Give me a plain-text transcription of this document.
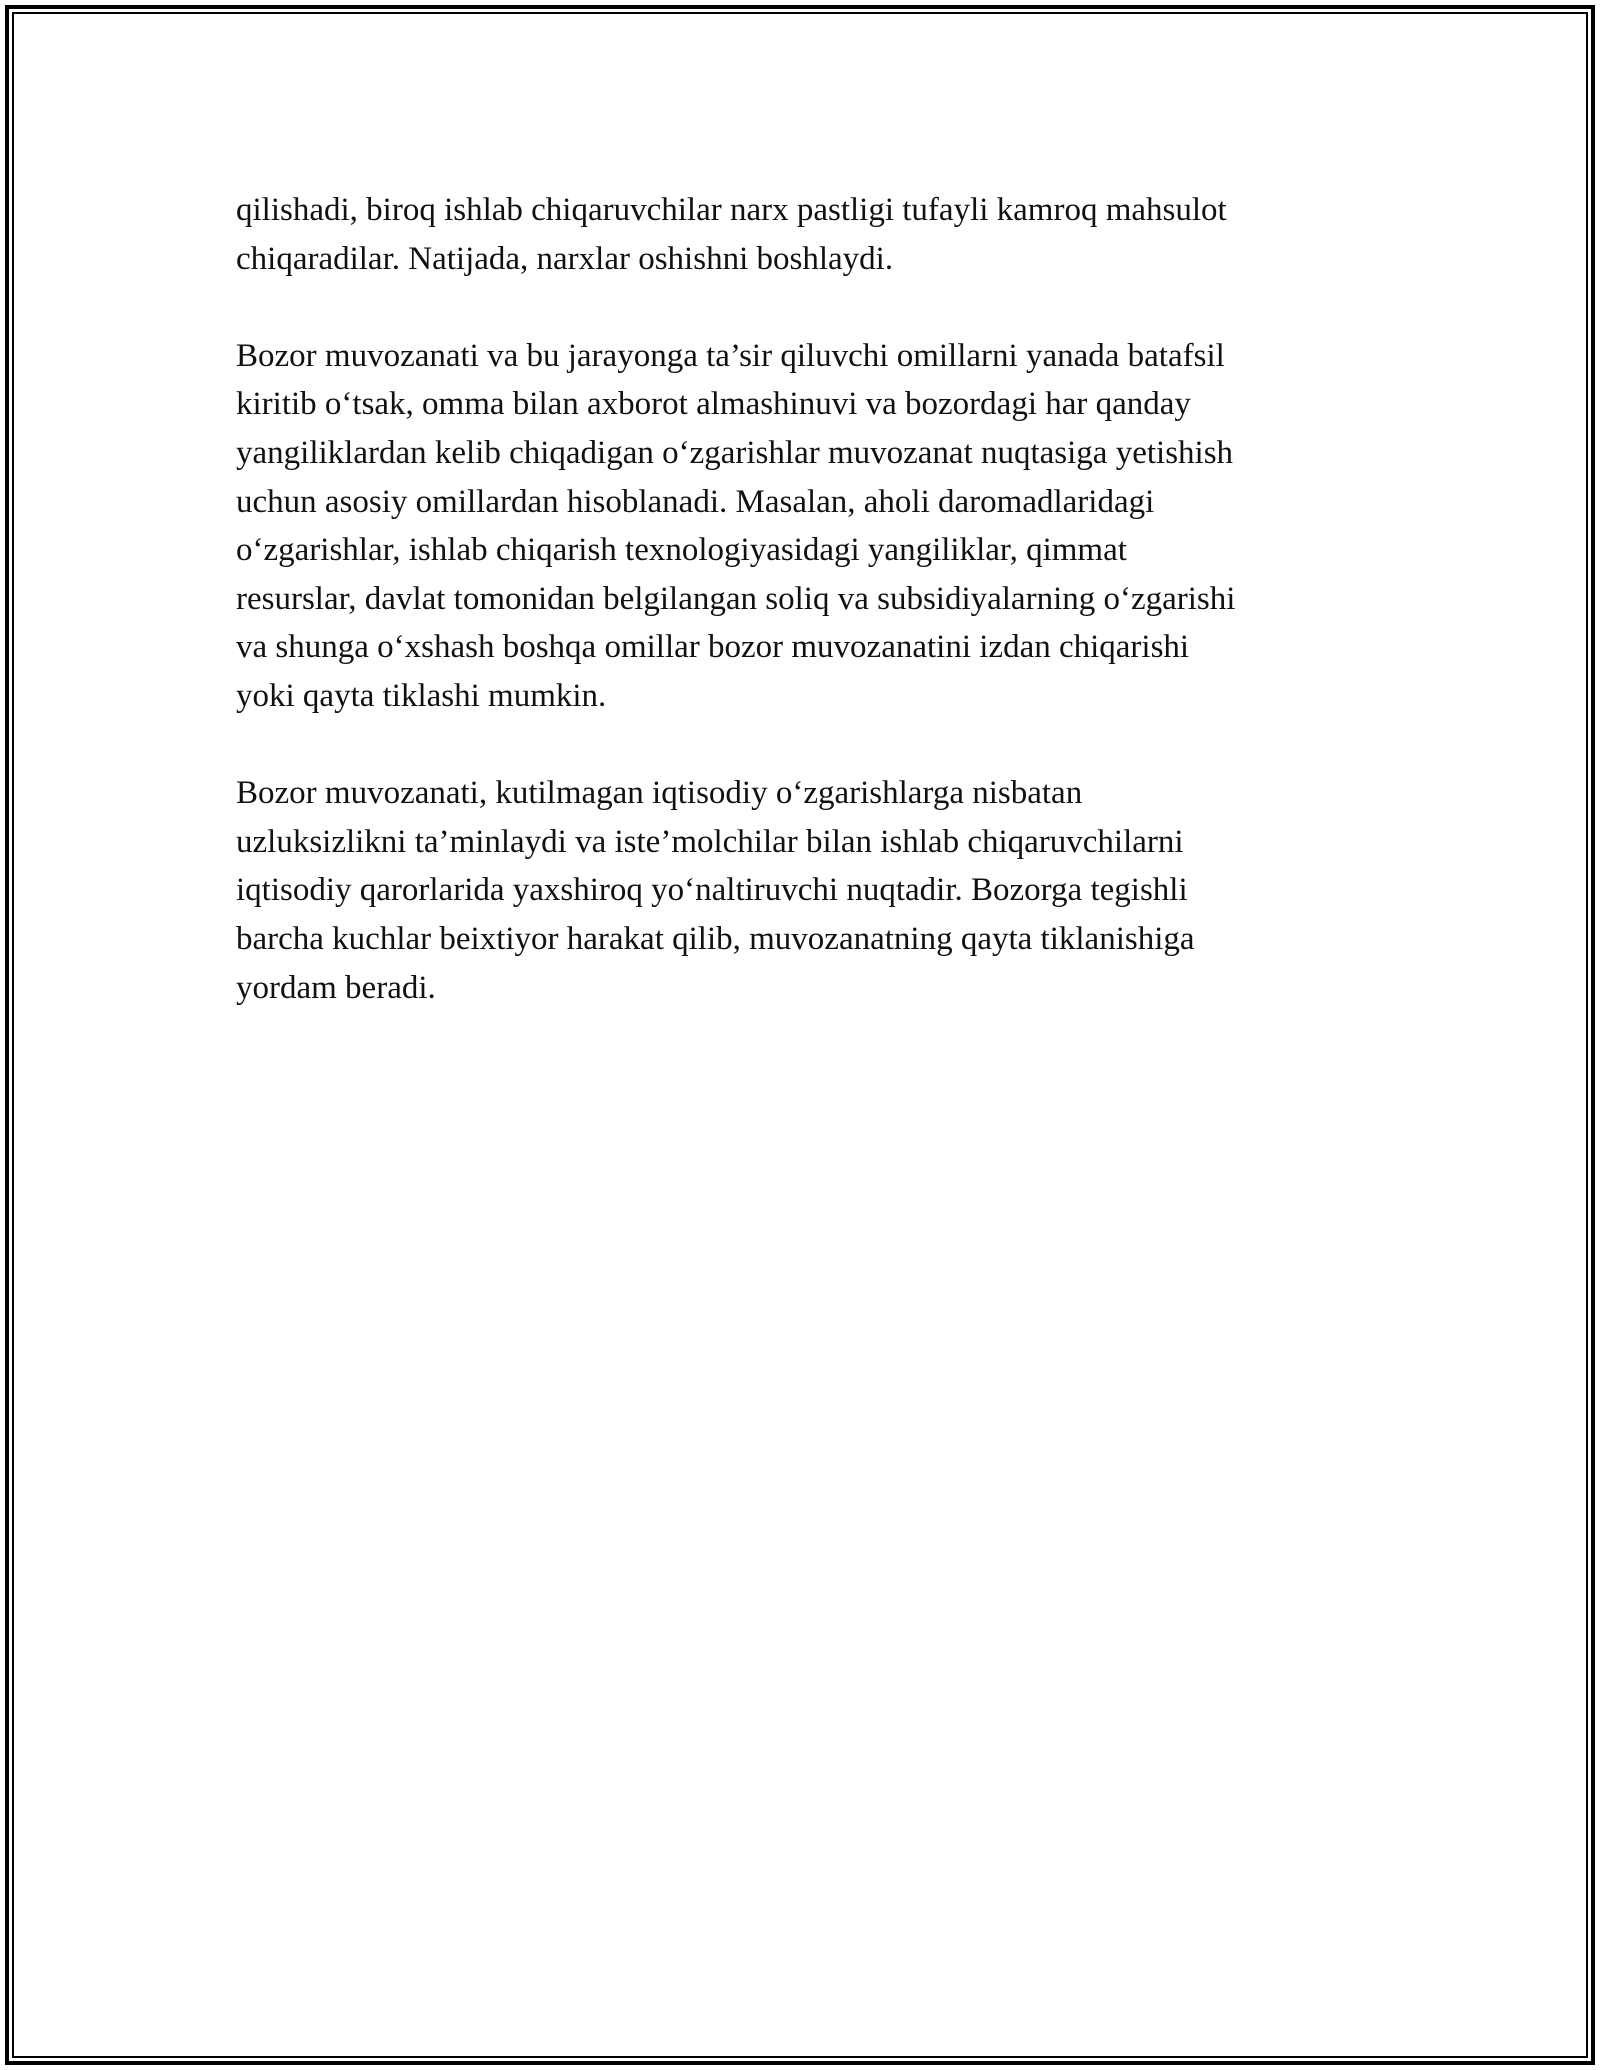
qilishadi, biroq ishlab chiqaruvchilar narx pastligi tufayli kamroq mahsulot
chiqaradilar. Natijada, narxlar oshishni boshlaydi.

Bozor muvozanati va bu jarayonga ta’sir qiluvchi omillarni yanada batafsil
kiritib o‘tsak, omma bilan axborot almashinuvi va bozordagi har qanday
yangiliklardan kelib chiqadigan o‘zgarishlar muvozanat nuqtasiga yetishish
uchun asosiy omillardan hisoblanadi. Masalan, aholi daromadlaridagi
o‘zgarishlar, ishlab chiqarish texnologiyasidagi yangiliklar, qimmat
resurslar, davlat tomonidan belgilangan soliq va subsidiyalarning o‘zgarishi
va shunga o‘xshash boshqa omillar bozor muvozanatini izdan chiqarishi
yoki qayta tiklashi mumkin.

Bozor muvozanati, kutilmagan iqtisodiy o‘zgarishlarga nisbatan
uzluksizlikni ta’minlaydi va iste’molchilar bilan ishlab chiqaruvchilarni
iqtisodiy qarorlarida yaxshiroq yo‘naltiruvchi nuqtadir. Bozorga tegishli
barcha kuchlar beixtiyor harakat qilib, muvozanatning qayta tiklanishiga
yordam beradi.
